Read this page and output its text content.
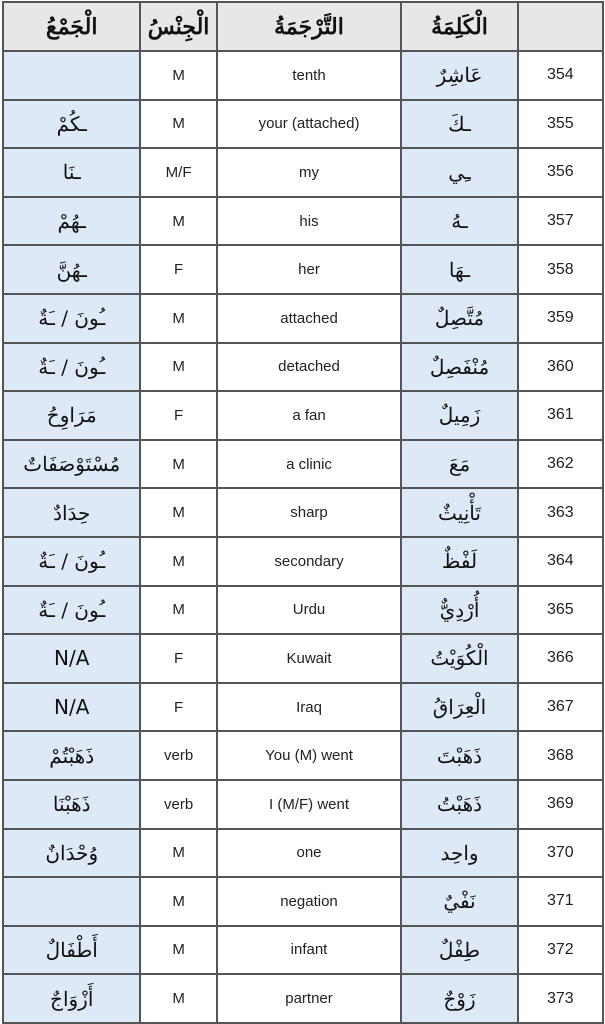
الْجَمْعُ	الْجِنْسُ	التَّرْجَمَةُ	الْكَلِمَةُ	
	M	tenth	عَاشِرٌ	354
ـكُمْ	M	your (attached)	ـكَ	355
ـنَا	M/F	my	ـِي	356
ـهُمْ	M	his	ـهُ	357
ـهُنَّ	F	her	ـهَا	358
ـُونَ / ـَةٌ	M	attached	مُتَّصِلٌ	359
ـُونَ / ـَةٌ	M	detached	مُنْفَصِلٌ	360
مَرَاوِحُ	F	a fan	زَمِيلٌ	361
مُسْتَوْصَفَاتٌ	M	a clinic	مَعَ	362
حِدَادٌ	M	sharp	تَأْنِيثٌ	363
ـُونَ / ـَةٌ	M	secondary	لَفْظٌ	364
ـُونَ / ـَةٌ	M	Urdu	أُرْدِيٌّ	365
N/A	F	Kuwait	الْكُوَيْتُ	366
N/A	F	Iraq	الْعِرَاقُ	367
ذَهَبْتُمْ	verb	You (M) went	ذَهَبْتَ	368
ذَهَبْنَا	verb	I (M/F) went	ذَهَبْتُ	369
وُحْدَانٌ	M	one	واحِد	370
	M	negation	نَفْيٌ	371
أَطْفَالٌ	M	infant	طِفْلٌ	372
أَزْوَاجٌ	M	partner	زَوْجٌ	373
